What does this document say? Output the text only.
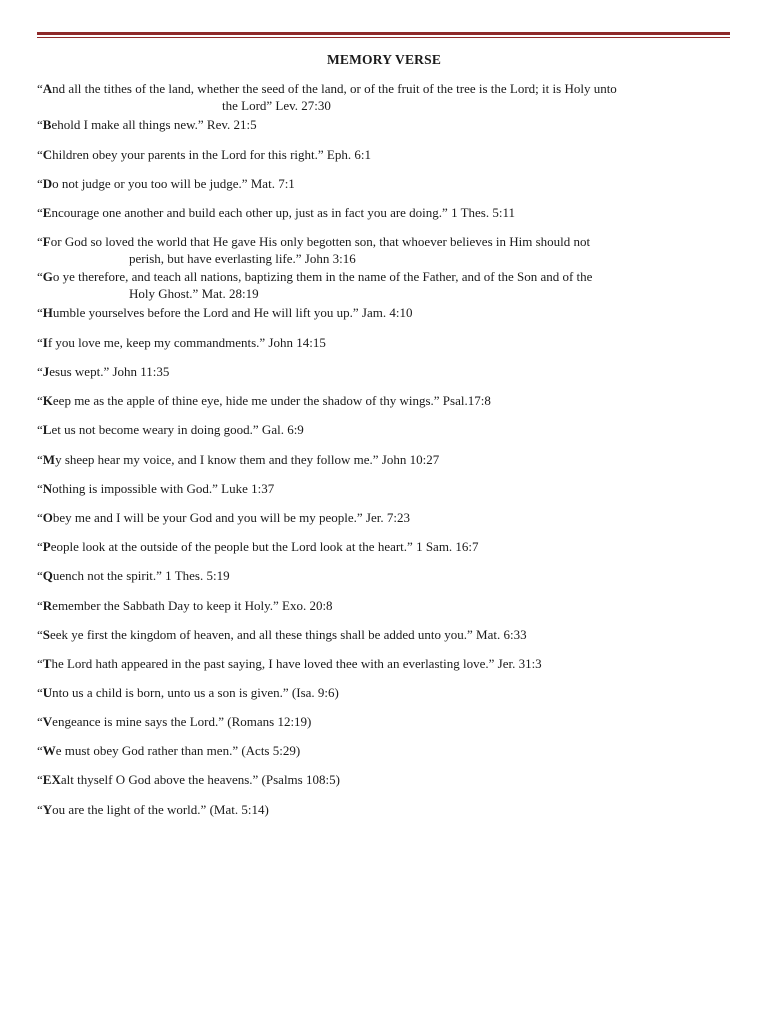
MEMORY VERSE
“And all the tithes of the land, whether the seed of the land, or of the fruit of the tree is the Lord; it is Holy unto
the Lord” Lev. 27:30
“Behold I make all things new.” Rev. 21:5
“Children obey your parents in the Lord for this right.” Eph. 6:1
“Do not judge or you too will be judge.” Mat. 7:1
“Encourage one another and build each other up, just as in fact you are doing.” 1 Thes. 5:11
“For God so loved the world that He gave His only begotten son, that whoever believes in Him should not
perish, but have everlasting life.” John 3:16
“Go ye therefore, and teach all nations, baptizing them in the name of the Father, and of the Son and of the
Holy Ghost.” Mat. 28:19
“Humble yourselves before the Lord and He will lift you up.” Jam. 4:10
“If you love me, keep my commandments.” John 14:15
“Jesus wept.” John 11:35
“Keep me as the apple of thine eye, hide me under the shadow of thy wings.” Psal.17:8
“Let us not become weary in doing good.” Gal. 6:9
“My sheep hear my voice, and I know them and they follow me.” John 10:27
“Nothing is impossible with God.” Luke 1:37
“Obey me and I will be your God and you will be my people.” Jer. 7:23
“People look at the outside of the people but the Lord look at the heart.” 1 Sam. 16:7
“Quench not the spirit.” 1 Thes. 5:19
“Remember the Sabbath Day to keep it Holy.” Exo. 20:8
“Seek ye first the kingdom of heaven, and all these things shall be added unto you.” Mat. 6:33
“The Lord hath appeared in the past saying, I have loved thee with an everlasting love.” Jer. 31:3
“Unto us a child is born, unto us a son is given.” (Isa. 9:6)
“Vengeance is mine says the Lord.” (Romans 12:19)
“We must obey God rather than men.” (Acts 5:29)
“EXalt thyself O God above the heavens.” (Psalms 108:5)
“You are the light of the world.” (Mat. 5:14)
